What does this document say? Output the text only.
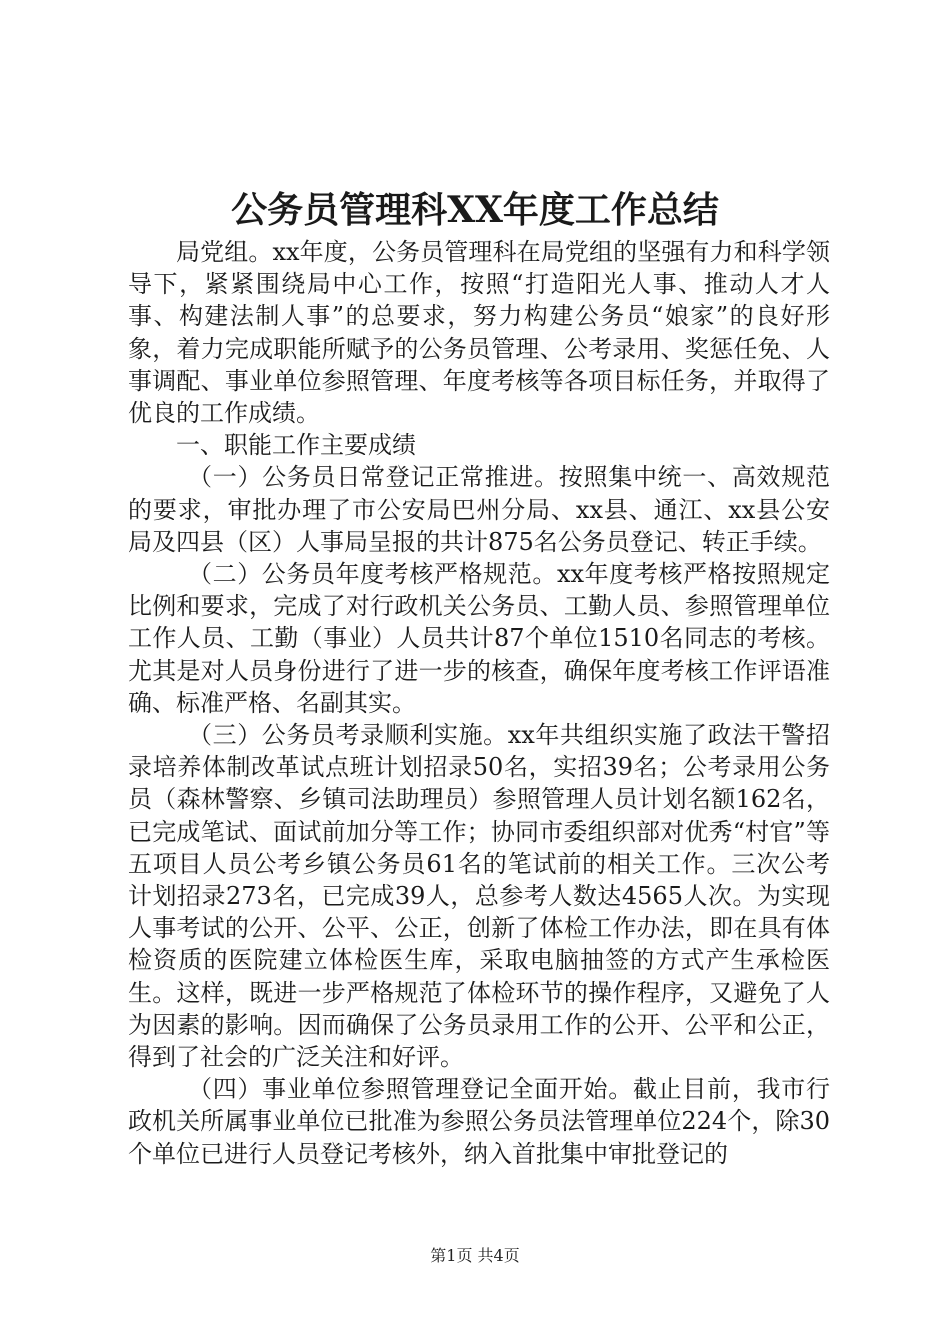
公务员管理科XX年度工作总结

局党组。xx年度，公务员管理科在局党组的坚强有力和科学领导下，紧紧围绕局中心工作，按照“打造阳光人事、推动人才人事、构建法制人事”的总要求，努力构建公务员“娘家”的良好形象，着力完成职能所赋予的公务员管理、公考录用、奖惩任免、人事调配、事业单位参照管理、年度考核等各项目标任务，并取得了优良的工作成绩。

一、职能工作主要成绩

（一）公务员日常登记正常推进。按照集中统一、高效规范的要求，审批办理了市公安局巴州分局、xx县、通江、xx县公安局及四县（区）人事局呈报的共计875名公务员登记、转正手续。

（二）公务员年度考核严格规范。xx年度考核严格按照规定比例和要求，完成了对行政机关公务员、工勤人员、参照管理单位工作人员、工勤（事业）人员共计87个单位1510名同志的考核。尤其是对人员身份进行了进一步的核查，确保年度考核工作评语准确、标准严格、名副其实。

（三）公务员考录顺利实施。xx年共组织实施了政法干警招录培养体制改革试点班计划招录50名，实招39名；公考录用公务员（森林警察、乡镇司法助理员）参照管理人员计划名额162名，已完成笔试、面试前加分等工作；协同市委组织部对优秀“村官”等五项目人员公考乡镇公务员61名的笔试前的相关工作。三次公考计划招录273名，已完成39人，总参考人数达4565人次。为实现人事考试的公开、公平、公正，创新了体检工作办法，即在具有体检资质的医院建立体检医生库，采取电脑抽签的方式产生承检医生。这样，既进一步严格规范了体检环节的操作程序，又避免了人为因素的影响。因而确保了公务员录用工作的公开、公平和公正，得到了社会的广泛关注和好评。

（四）事业单位参照管理登记全面开始。截止目前，我市行政机关所属事业单位已批准为参照公务员法管理单位224个，除30个单位已进行人员登记考核外，纳入首批集中审批登记的

第1页 共4页
